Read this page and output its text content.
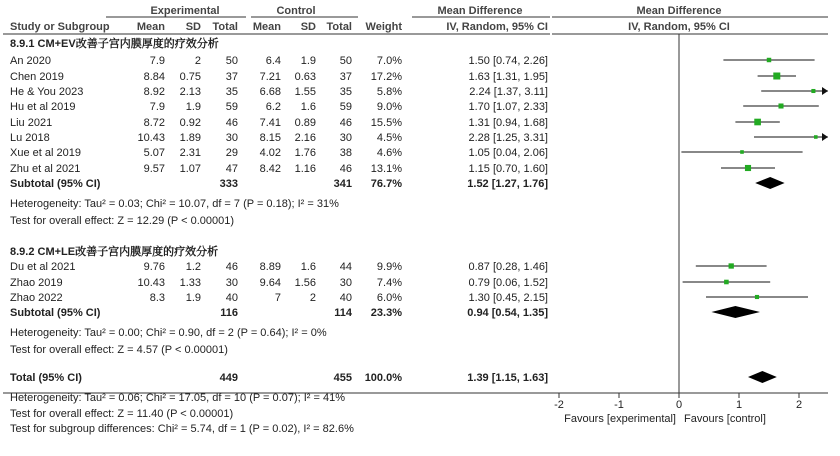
Experimental	Control	Mean Difference	Mean Difference
Study or Subgroup Mean SD Total Mean SD Total Weight	IV, Random, 95% CI	IV, Random, 95% CI
8.9.1 CM+EV改善子宫内膜厚度的疗效分析
An 2020	7.9	2 50	6.4 1.9 50 7.0%	1.50 [0.74, 2.26]
Chen 2019	8.84 0.75 37 7.21 0.63 37 17.2%	1.63 [1.31, 1.95]
He & You 2023	8.92 2.13 35 6.68 1.55 35 5.8%	2.24 [1.37, 3.11]
Hu et al 2019	7.9 1.9 59	6.2 1.6 59 9.0%	1.70 [1.07, 2.33]
Liu 2021	8.72 0.92 46 7.41 0.89 46 15.5%	1.31 [0.94, 1.68]
Lu 2018	10.43 1.89 30 8.15 2.16 30 4.5%	2.28 [1.25, 3.31]
Xue et al 2019	5.07 2.31 29 4.02 1.76 38 4.6%	1.05 [0.04, 2.06]
Zhu et al 2021	9.57 1.07 47 8.42 1.16 46 13.1%	1.15 [0.70, 1.60]
Subtotal (95% CI)	333	341 76.7%	1.52 [1.27, 1.76]
Heterogeneity: Tau² = 0.03; Chi² = 10.07, df = 7 (P = 0.18); I² = 31%
Test for overall effect: Z = 12.29 (P < 0.00001)
8.9.2 CM+LE改善子宫内膜厚度的疗效分析
Du et al 2021	9.76 1.2 46 8.89 1.6 44 9.9%	0.87 [0.28, 1.46]
Zhao 2019	10.43 1.33 30 9.64 1.56 30 7.4%	0.79 [0.06, 1.52]
Zhao 2022	8.3 1.9 40	7	2 40 6.0%	1.30 [0.45, 2.15]
Subtotal (95% CI)	116	114 23.3%	0.94 [0.54, 1.35]
Heterogeneity: Tau² = 0.00; Chi² = 0.90, df = 2 (P = 0.64); I² = 0%
Test for overall effect: Z = 4.57 (P < 0.00001)
Total (95% CI)	449	455 100.0%	1.39 [1.15, 1.63]
Heterogeneity: Tau² = 0.06; Chi² = 17.05, df = 10 (P = 0.07); I² = 41%
Test for overall effect: Z = 11.40 (P < 0.00001)
Test for subgroup differences: Chi² = 5.74, df = 1 (P = 0.02), I² = 82.6%
-2	-1	0	1	2
Favours [experimental] Favours [control]
